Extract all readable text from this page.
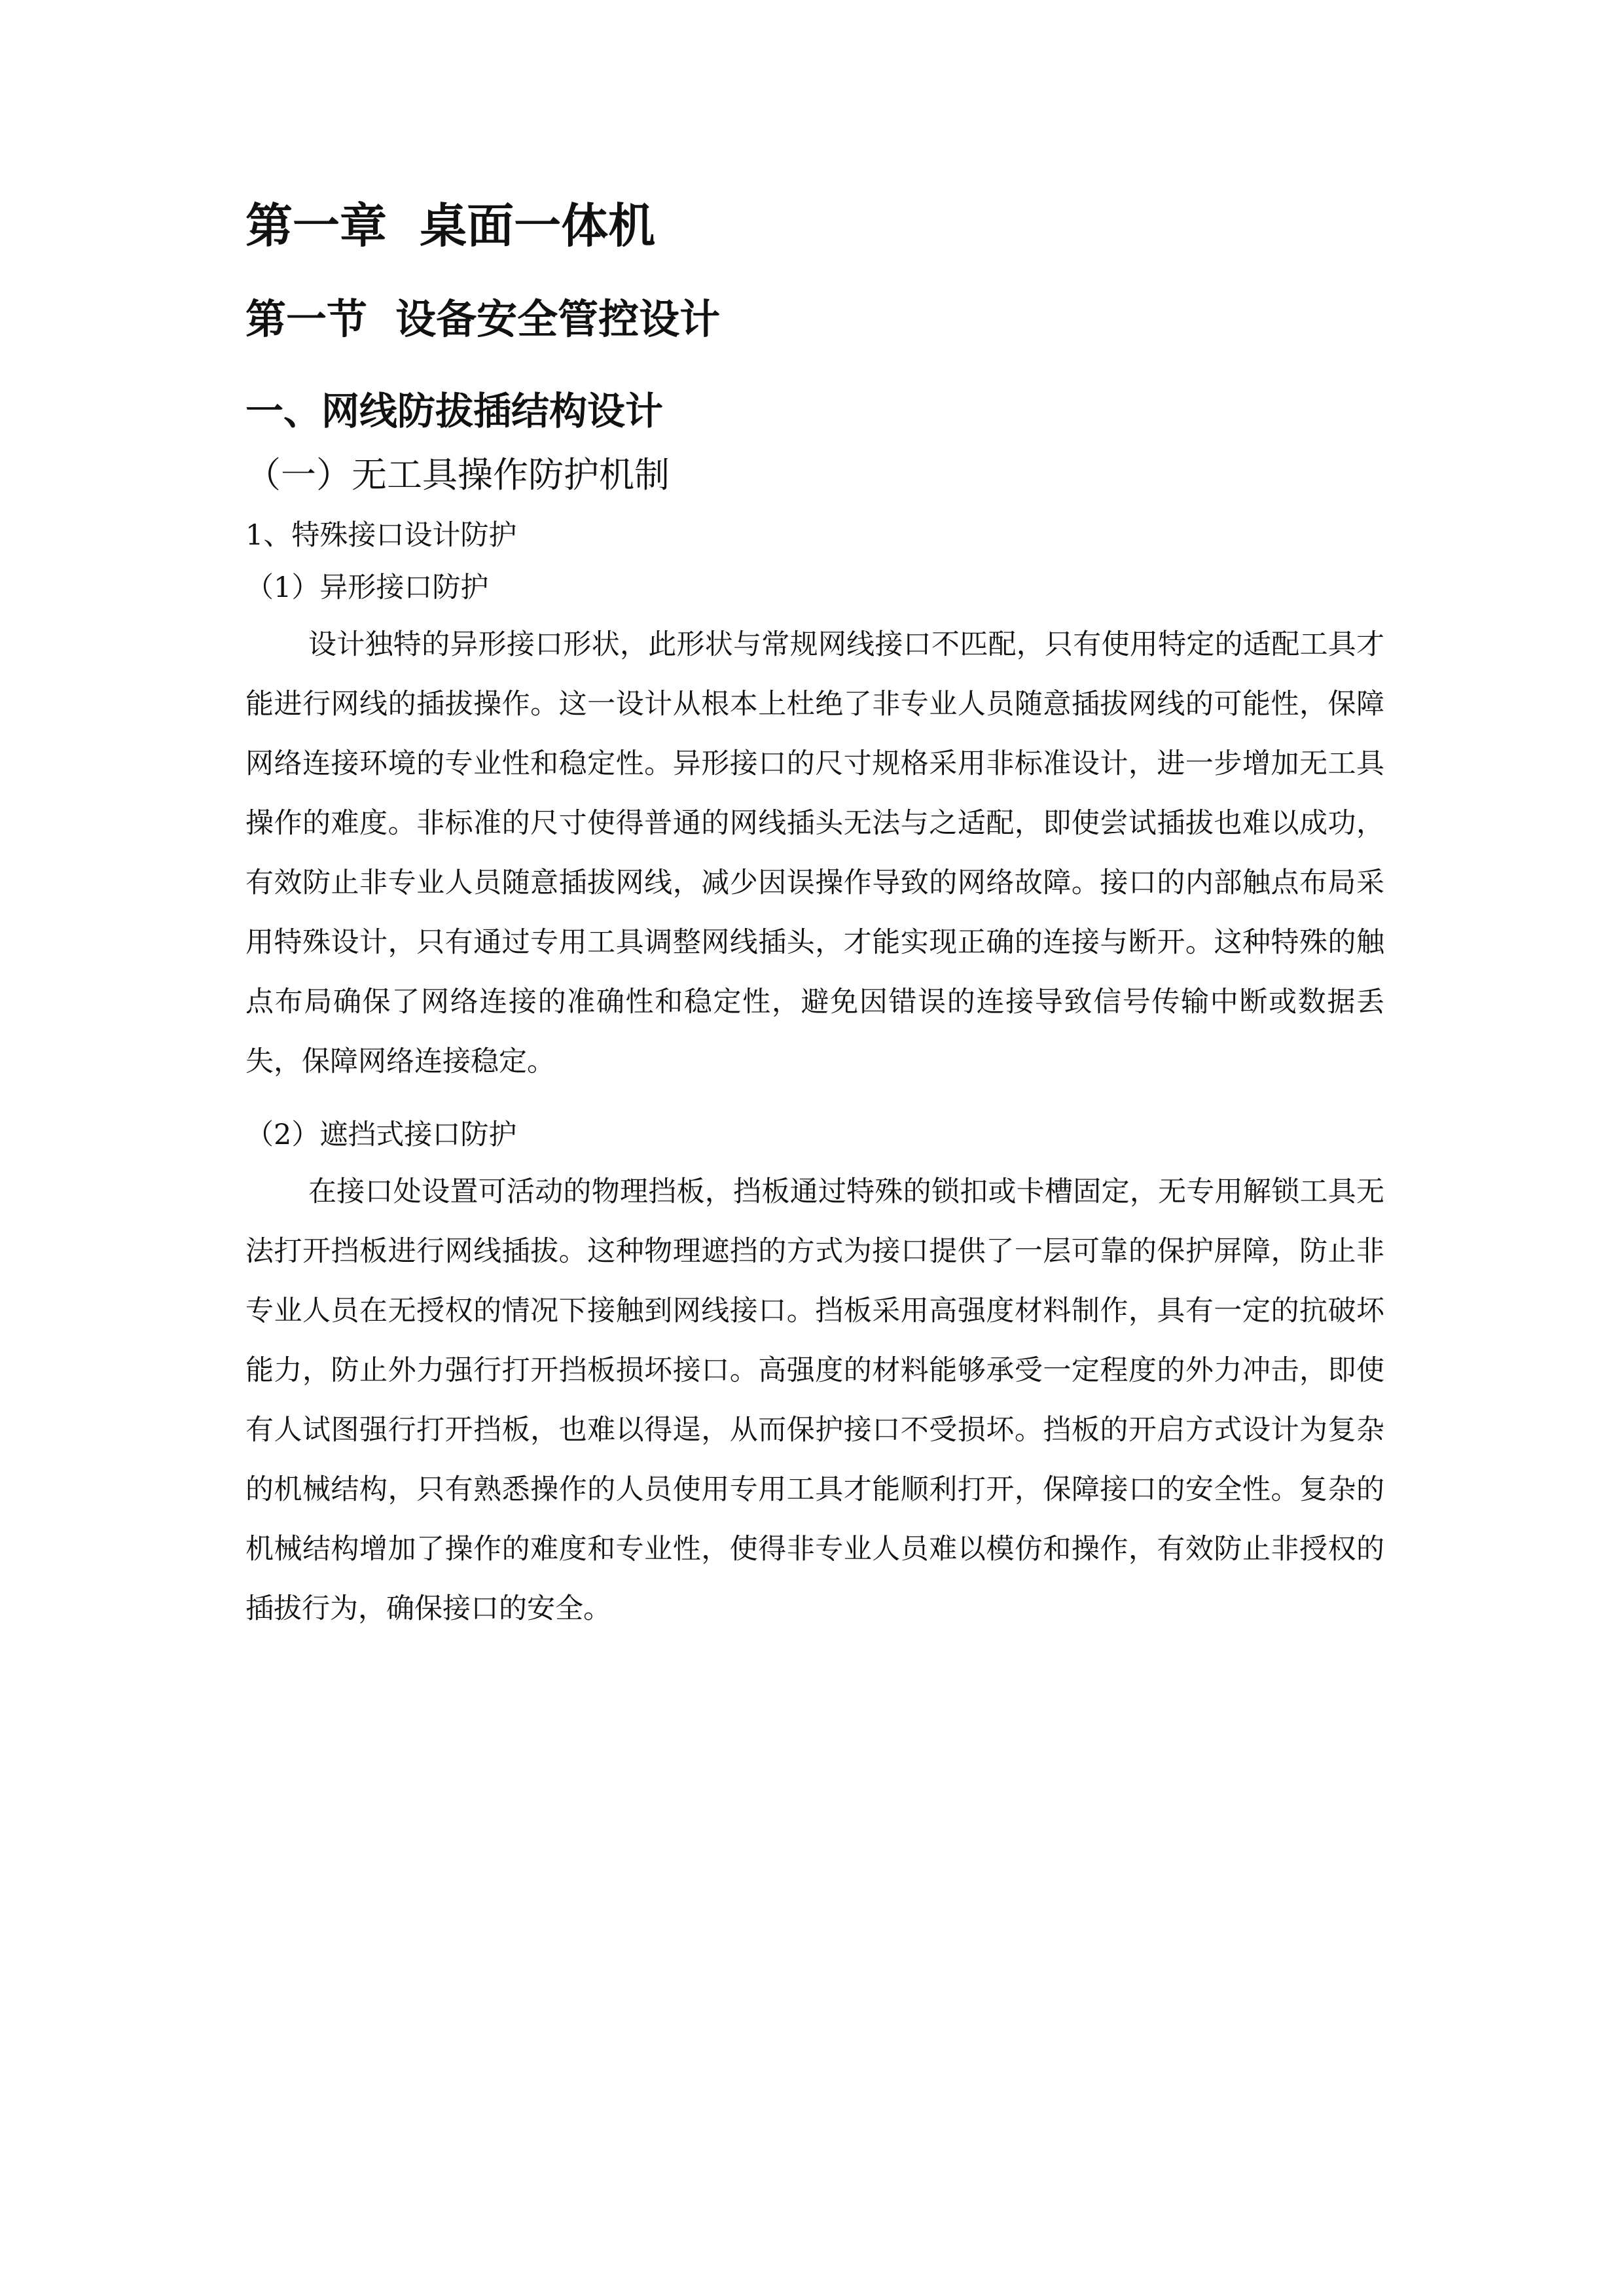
第一章  桌面一体机
第一节  设备安全管控设计
一、网线防拔插结构设计
（一）无工具操作防护机制
1、特殊接口设计防护
（1）异形接口防护

设计独特的异形接口形状，此形状与常规网线接口不匹配，只有使用特定的适配工具才能进行网线的插拔操作。这一设计从根本上杜绝了非专业人员随意插拔网线的可能性，保障网络连接环境的专业性和稳定性。异形接口的尺寸规格采用非标准设计，进一步增加无工具操作的难度。非标准的尺寸使得普通的网线插头无法与之适配，即使尝试插拔也难以成功，有效防止非专业人员随意插拔网线，减少因误操作导致的网络故障。接口的内部触点布局采用特殊设计，只有通过专用工具调整网线插头，才能实现正确的连接与断开。这种特殊的触点布局确保了网络连接的准确性和稳定性，避免因错误的连接导致信号传输中断或数据丢失，保障网络连接稳定。

（2）遮挡式接口防护

在接口处设置可活动的物理挡板，挡板通过特殊的锁扣或卡槽固定，无专用解锁工具无法打开挡板进行网线插拔。这种物理遮挡的方式为接口提供了一层可靠的保护屏障，防止非专业人员在无授权的情况下接触到网线接口。挡板采用高强度材料制作，具有一定的抗破坏能力，防止外力强行打开挡板损坏接口。高强度的材料能够承受一定程度的外力冲击，即使有人试图强行打开挡板，也难以得逞，从而保护接口不受损坏。挡板的开启方式设计为复杂的机械结构，只有熟悉操作的人员使用专用工具才能顺利打开，保障接口的安全性。复杂的机械结构增加了操作的难度和专业性，使得非专业人员难以模仿和操作，有效防止非授权的插拔行为，确保接口的安全。
